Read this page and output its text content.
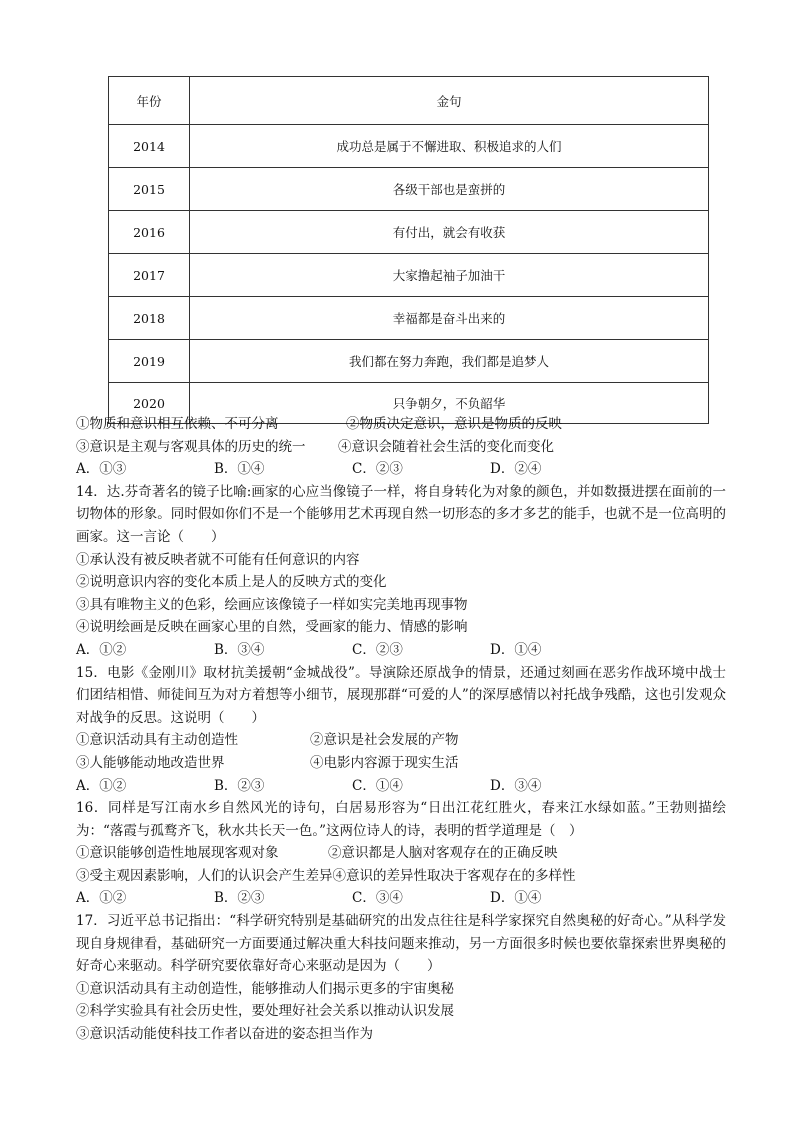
年份	金句
2014	成功总是属于不懈进取、积极追求的人们
2015	各级干部也是蛮拼的
2016	有付出，就会有收获
2017	大家撸起袖子加油干
2018	幸福都是奋斗出来的
2019	我们都在努力奔跑，我们都是追梦人
2020	只争朝夕，不负韶华
①物质和意识相互依赖、不可分离	②物质决定意识，意识是物质的反映
③意识是主观与客观具体的历史的统一 ④意识会随着社会生活的变化而变化
A．①③	B．①④	C．②③	D．②④
14．达.芬奇著名的镜子比喻:画家的心应当像镜子一样，将自身转化为对象的颜色，并如数摄进摆在面前的一切物体的形象。同时假如你们不是一个能够用艺术再现自然一切形态的多才多艺的能手，也就不是一位高明的画家。这一言论（　　）
①承认没有被反映者就不可能有任何意识的内容
②说明意识内容的变化本质上是人的反映方式的变化
③具有唯物主义的色彩，绘画应该像镜子一样如实完美地再现事物
④说明绘画是反映在画家心里的自然，受画家的能力、情感的影响
A．①②	B．③④	C．②③	D．①④
15．电影《金刚川》取材抗美援朝“金城战役”。导演除还原战争的情景，还通过刻画在恶劣作战环境中战士们团结相惜、师徒间互为对方着想等小细节，展现那群“可爱的人”的深厚感情以衬托战争残酷，这也引发观众对战争的反思。这说明（　　）
①意识活动具有主动创造性	②意识是社会发展的产物
③人能够能动地改造世界	④电影内容源于现实生活
A．①②	B．②③	C．①④	D．③④
16．同样是写江南水乡自然风光的诗句，白居易形容为“日出江花红胜火，春来江水绿如蓝。”王勃则描绘为：“落霞与孤鹜齐飞，秋水共长天一色。”这两位诗人的诗，表明的哲学道理是（　）
①意识能够创造性地展现客观对象	②意识都是人脑对客观存在的正确反映
③受主观因素影响，人们的认识会产生差异④意识的差异性取决于客观存在的多样性
A．①②	B．②③	C．③④	D．①④
17．习近平总书记指出：“科学研究特别是基础研究的出发点往往是科学家探究自然奥秘的好奇心。”从科学发现自身规律看，基础研究一方面要通过解决重大科技问题来推动，另一方面很多时候也要依靠探索世界奥秘的好奇心来驱动。科学研究要依靠好奇心来驱动是因为（　　）
①意识活动具有主动创造性，能够推动人们揭示更多的宇宙奥秘
②科学实验具有社会历史性，要处理好社会关系以推动认识发展
③意识活动能使科技工作者以奋进的姿态担当作为
